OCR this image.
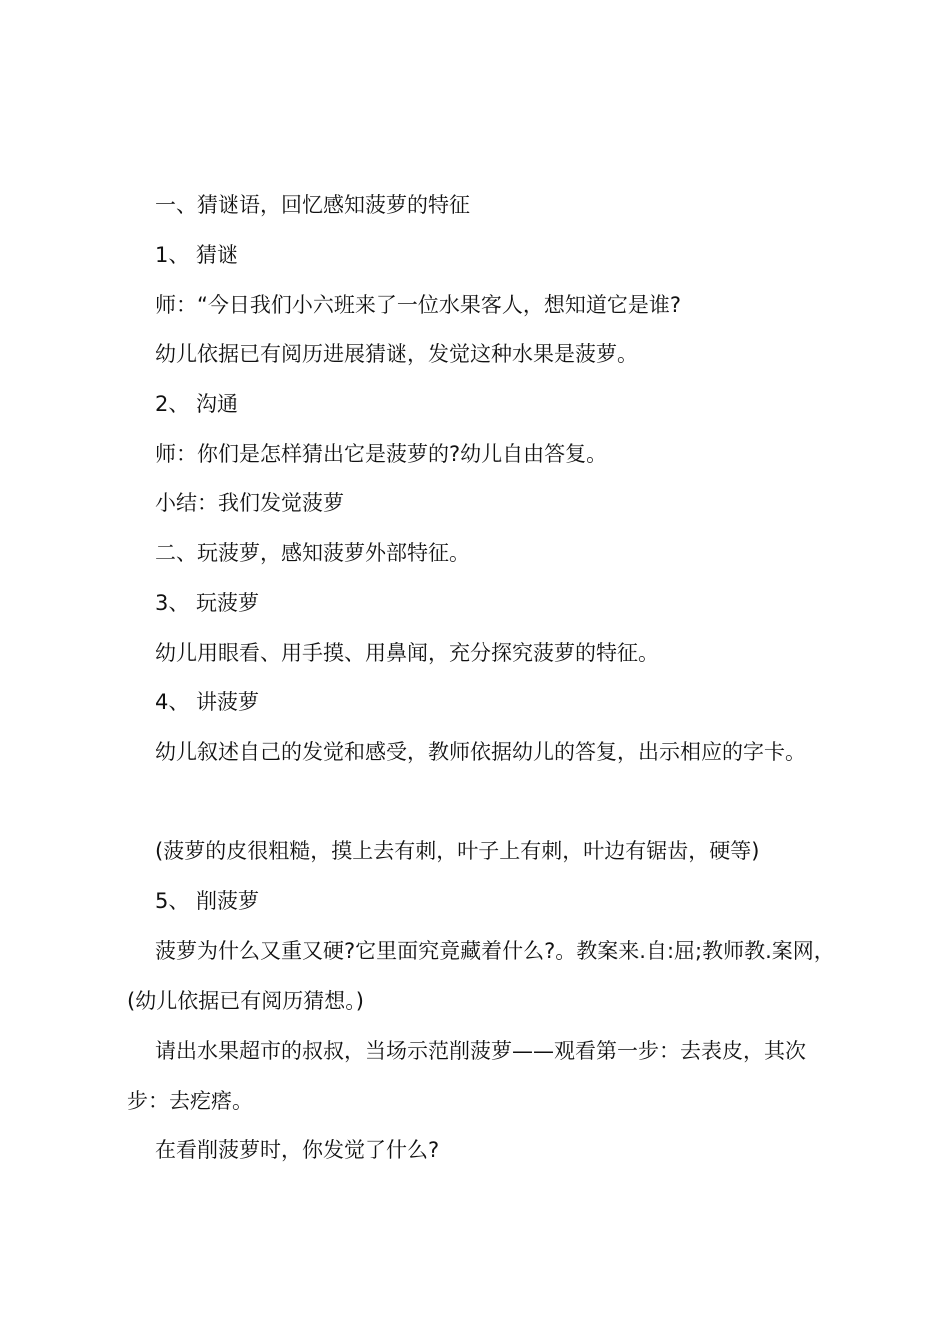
一、猜谜语，回忆感知菠萝的特征
1、 猜谜
师：“今日我们小六班来了一位水果客人，想知道它是谁?
幼儿依据已有阅历进展猜谜，发觉这种水果是菠萝。
2、 沟通
师：你们是怎样猜出它是菠萝的?幼儿自由答复。
小结：我们发觉菠萝
二、玩菠萝，感知菠萝外部特征。
3、 玩菠萝
幼儿用眼看、用手摸、用鼻闻，充分探究菠萝的特征。
4、 讲菠萝
幼儿叙述自己的发觉和感受，教师依据幼儿的答复，出示相应的字卡。
(菠萝的皮很粗糙，摸上去有刺，叶子上有刺，叶边有锯齿，硬等)
5、 削菠萝
菠萝为什么又重又硬?它里面究竟藏着什么?。教案来.自:屈;教师教.案网，(幼儿依据已有阅历猜想。)
请出水果超市的叔叔，当场示范削菠萝——观看第一步：去表皮，其次步：去疙瘩。
在看削菠萝时，你发觉了什么?
